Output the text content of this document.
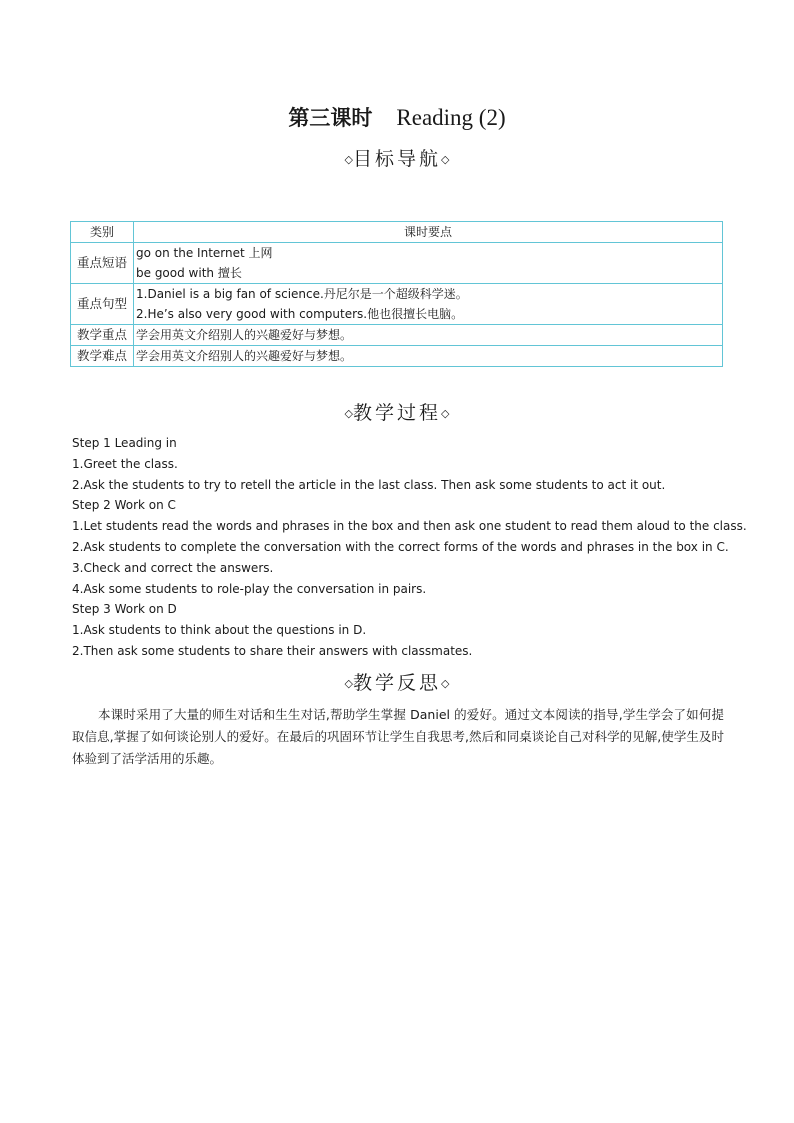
第三课时 Reading (2)
◇目标导航◇
类别	课时要点
重点短语	go on the Internet 上网
be good with 擅长

重点句型	1.Daniel is a big fan of science.丹尼尔是一个超级科学迷。
2.He’s also very good with computers.他也很擅长电脑。

教学重点	学会用英文介绍别人的兴趣爱好与梦想。

教学难点	学会用英文介绍别人的兴趣爱好与梦想。
◇教学过程◇
Step 1 Leading in
1.Greet the class.
2.Ask the students to try to retell the article in the last class. Then ask some students to act it out.
Step 2 Work on C
1.Let students read the words and phrases in the box and then ask one student to read them aloud to the class.
2.Ask students to complete the conversation with the correct forms of the words and phrases in the box in C.
3.Check and correct the answers.
4.Ask some students to role-play the conversation in pairs.
Step 3 Work on D
1.Ask students to think about the questions in D.
2.Then ask some students to share their answers with classmates.
◇教学反思◇
本课时采用了大量的师生对话和生生对话,帮助学生掌握 Daniel 的爱好。通过文本阅读的指导,学生学会了如何提取信息,掌握了如何谈论别人的爱好。在最后的巩固环节让学生自我思考,然后和同桌谈论自己对科学的见解,使学生及时体验到了活学活用的乐趣。
